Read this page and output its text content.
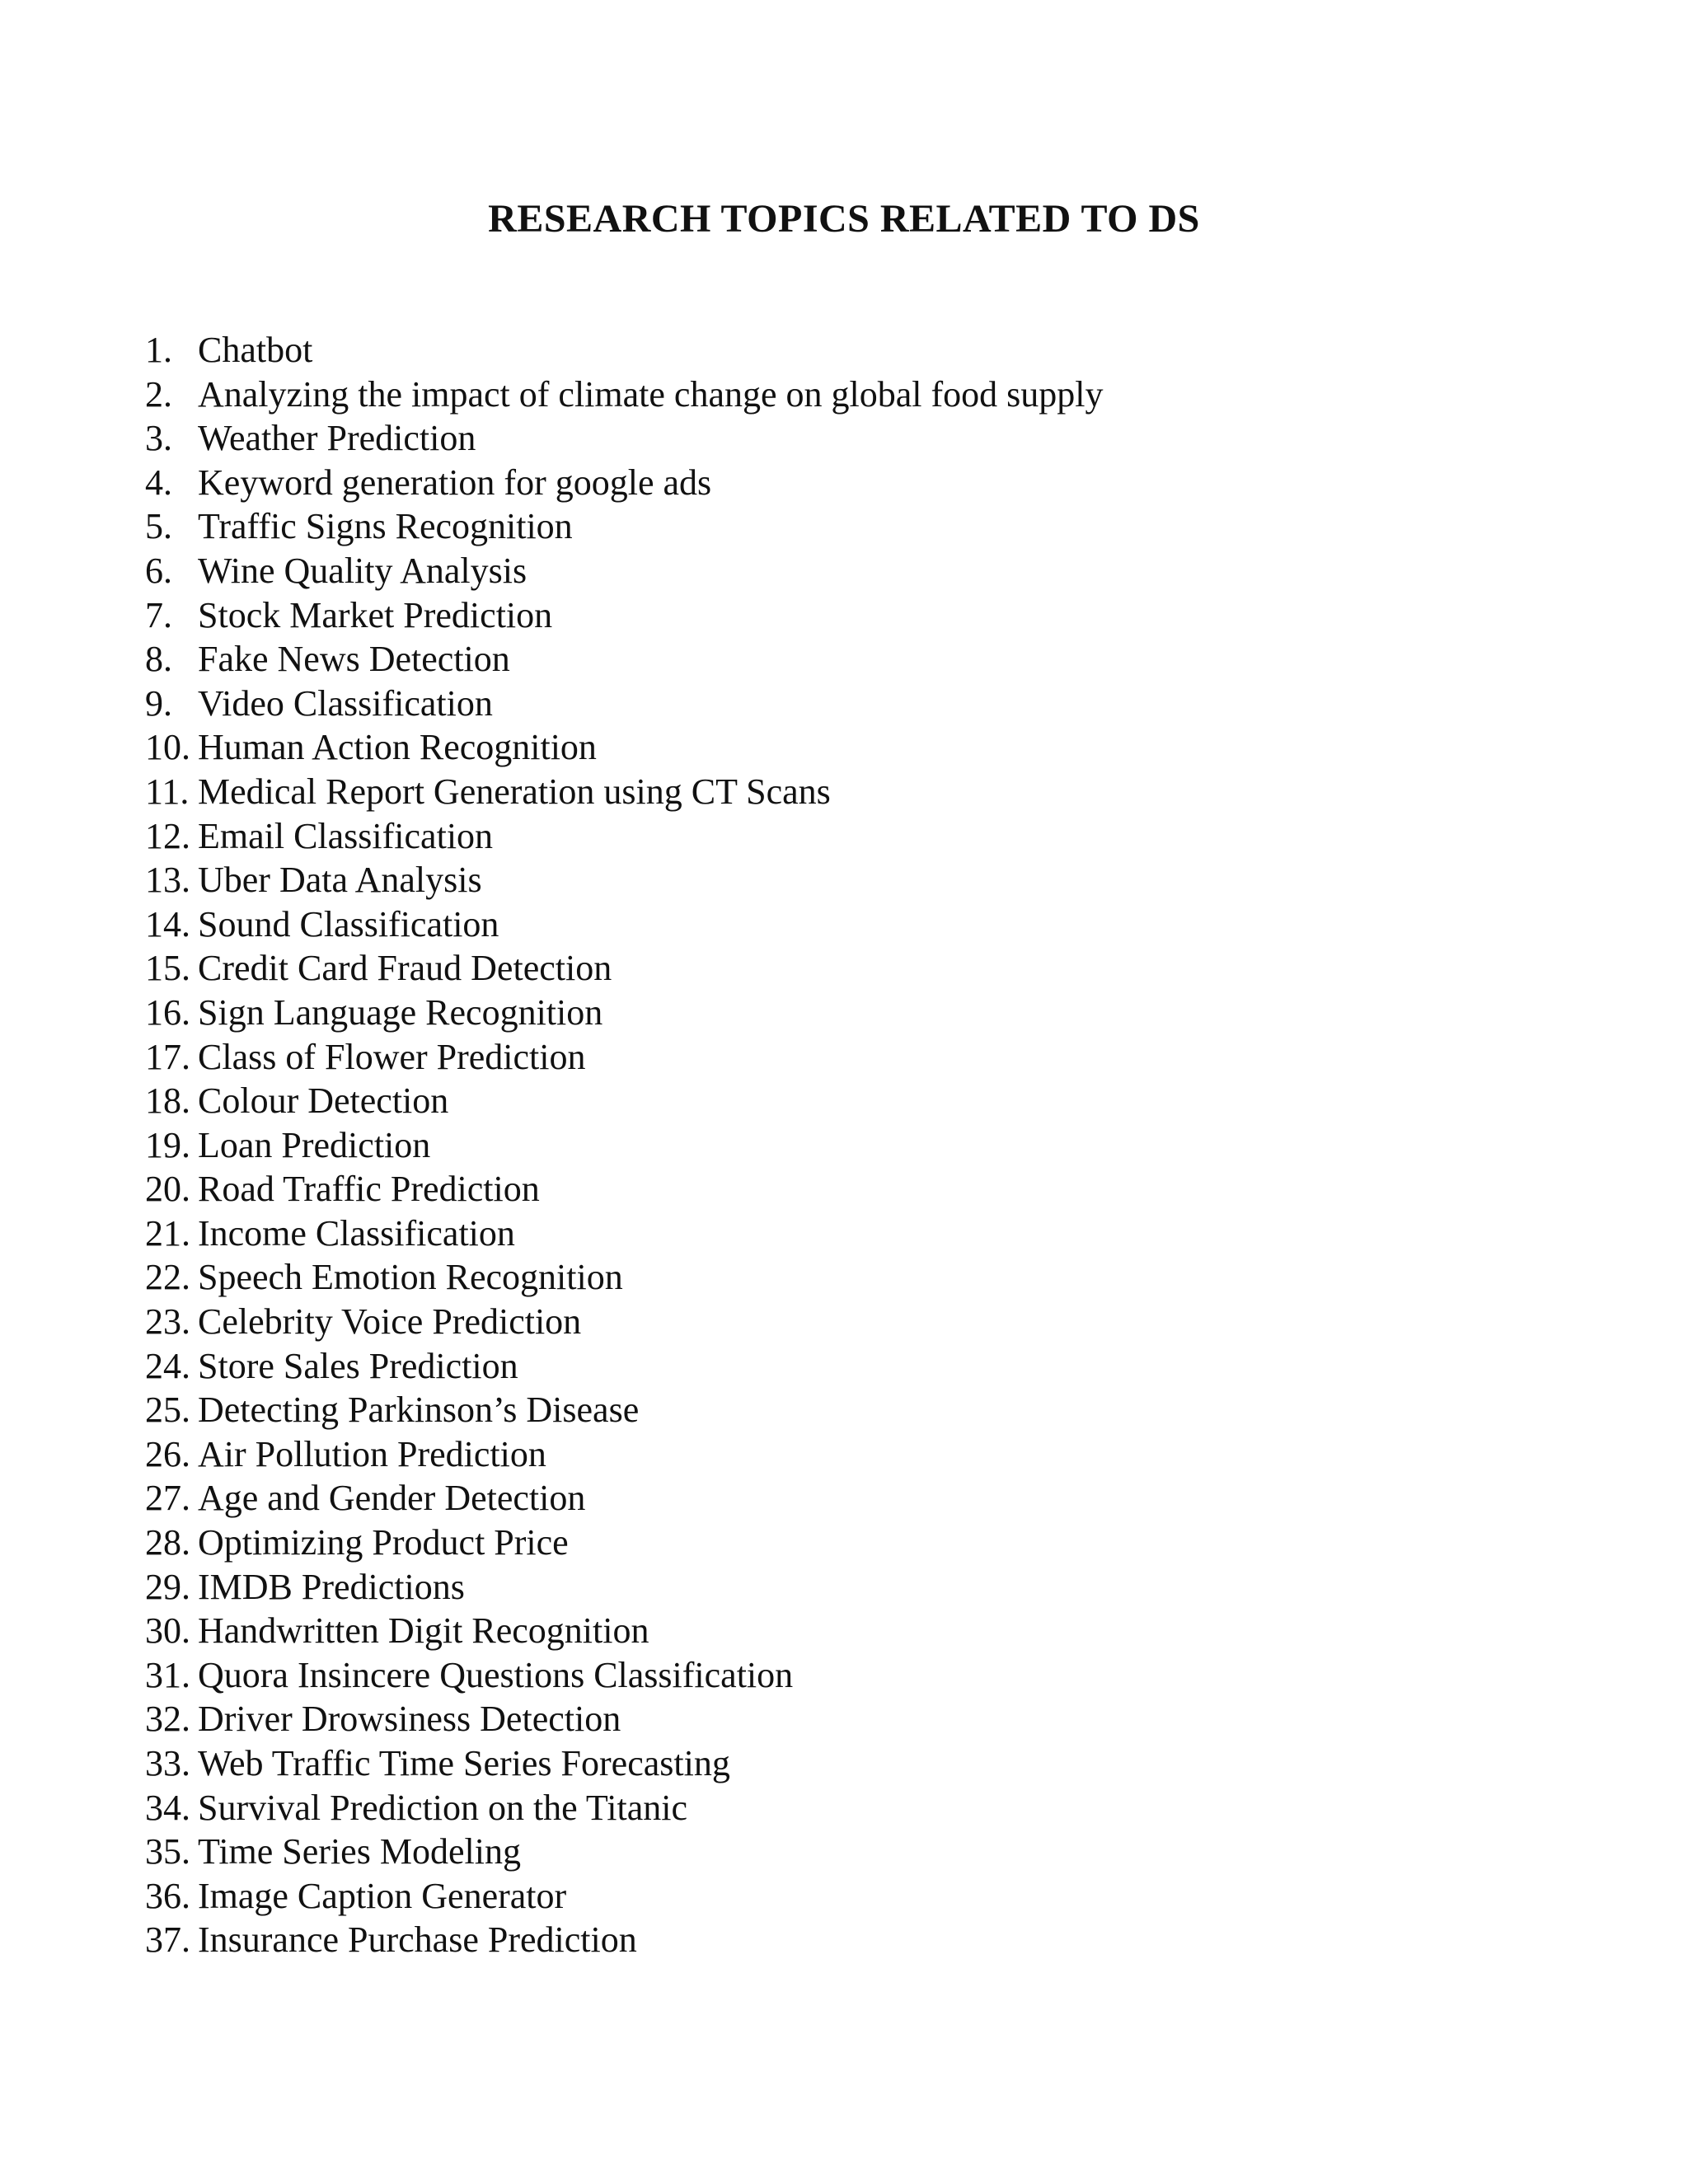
RESEARCH TOPICS RELATED TO DS
1. Chatbot
2. Analyzing the impact of climate change on global food supply
3. Weather Prediction
4. Keyword generation for google ads
5. Traffic Signs Recognition
6. Wine Quality Analysis
7. Stock Market Prediction
8. Fake News Detection
9. Video Classification
10. Human Action Recognition
11. Medical Report Generation using CT Scans
12. Email Classification
13. Uber Data Analysis
14. Sound Classification
15. Credit Card Fraud Detection
16. Sign Language Recognition
17. Class of Flower Prediction
18. Colour Detection
19. Loan Prediction
20. Road Traffic Prediction
21. Income Classification
22. Speech Emotion Recognition
23. Celebrity Voice Prediction
24. Store Sales Prediction
25. Detecting Parkinson’s Disease
26. Air Pollution Prediction
27. Age and Gender Detection
28. Optimizing Product Price
29. IMDB Predictions
30. Handwritten Digit Recognition
31. Quora Insincere Questions Classification
32. Driver Drowsiness Detection
33. Web Traffic Time Series Forecasting
34. Survival Prediction on the Titanic
35. Time Series Modeling
36. Image Caption Generator
37. Insurance Purchase Prediction
